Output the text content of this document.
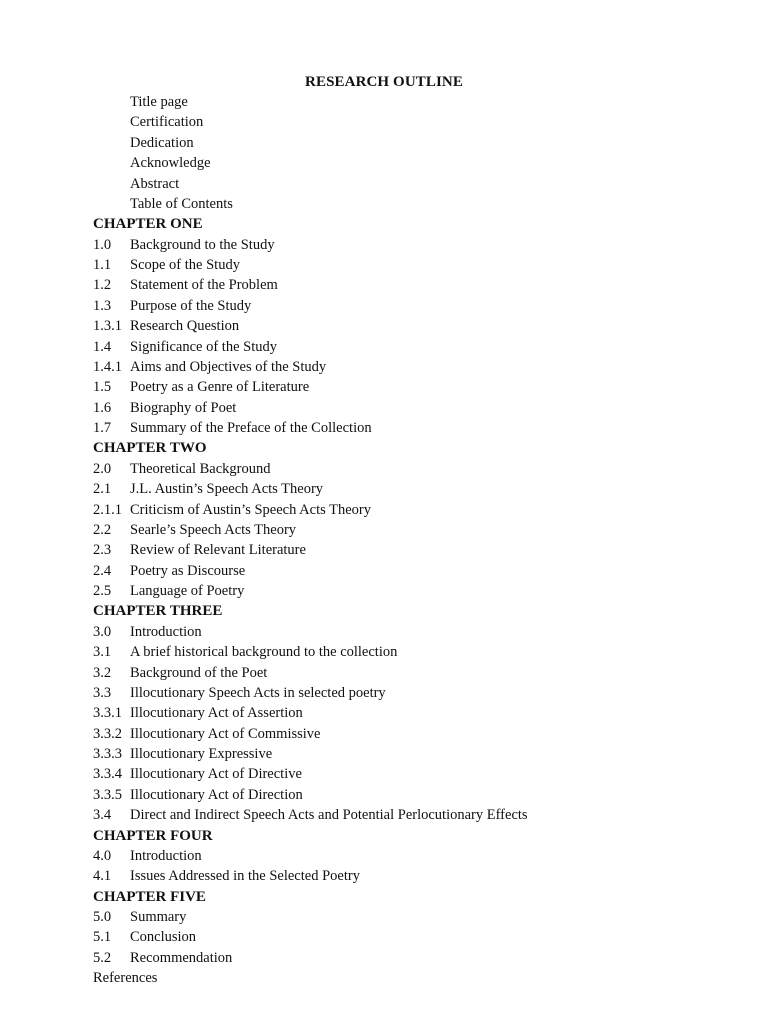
RESEARCH OUTLINE
Title page
Certification
Dedication
Acknowledge
Abstract
Table of Contents
CHAPTER ONE
1.0 Background to the Study
1.1 Scope of the Study
1.2 Statement of the Problem
1.3 Purpose of the Study
1.3.1 Research Question
1.4 Significance of the Study
1.4.1 Aims and Objectives of the Study
1.5 Poetry as a Genre of Literature
1.6 Biography of Poet
1.7 Summary of the Preface of the Collection
CHAPTER TWO
2.0 Theoretical Background
2.1 J.L. Austin’s Speech Acts Theory
2.1.1 Criticism of Austin’s Speech Acts Theory
2.2 Searle’s Speech Acts Theory
2.3 Review of Relevant Literature
2.4 Poetry as Discourse
2.5 Language of Poetry
CHAPTER THREE
3.0 Introduction
3.1 A brief historical background to the collection
3.2 Background of the Poet
3.3 Illocutionary Speech Acts in selected poetry
3.3.1 Illocutionary Act of Assertion
3.3.2 Illocutionary Act of Commissive
3.3.3 Illocutionary Expressive
3.3.4 Illocutionary Act of Directive
3.3.5 Illocutionary Act of Direction
3.4 Direct and Indirect Speech Acts and Potential Perlocutionary Effects
CHAPTER FOUR
4.0 Introduction
4.1 Issues Addressed in the Selected Poetry
CHAPTER FIVE
5.0 Summary
5.1 Conclusion
5.2 Recommendation
References
